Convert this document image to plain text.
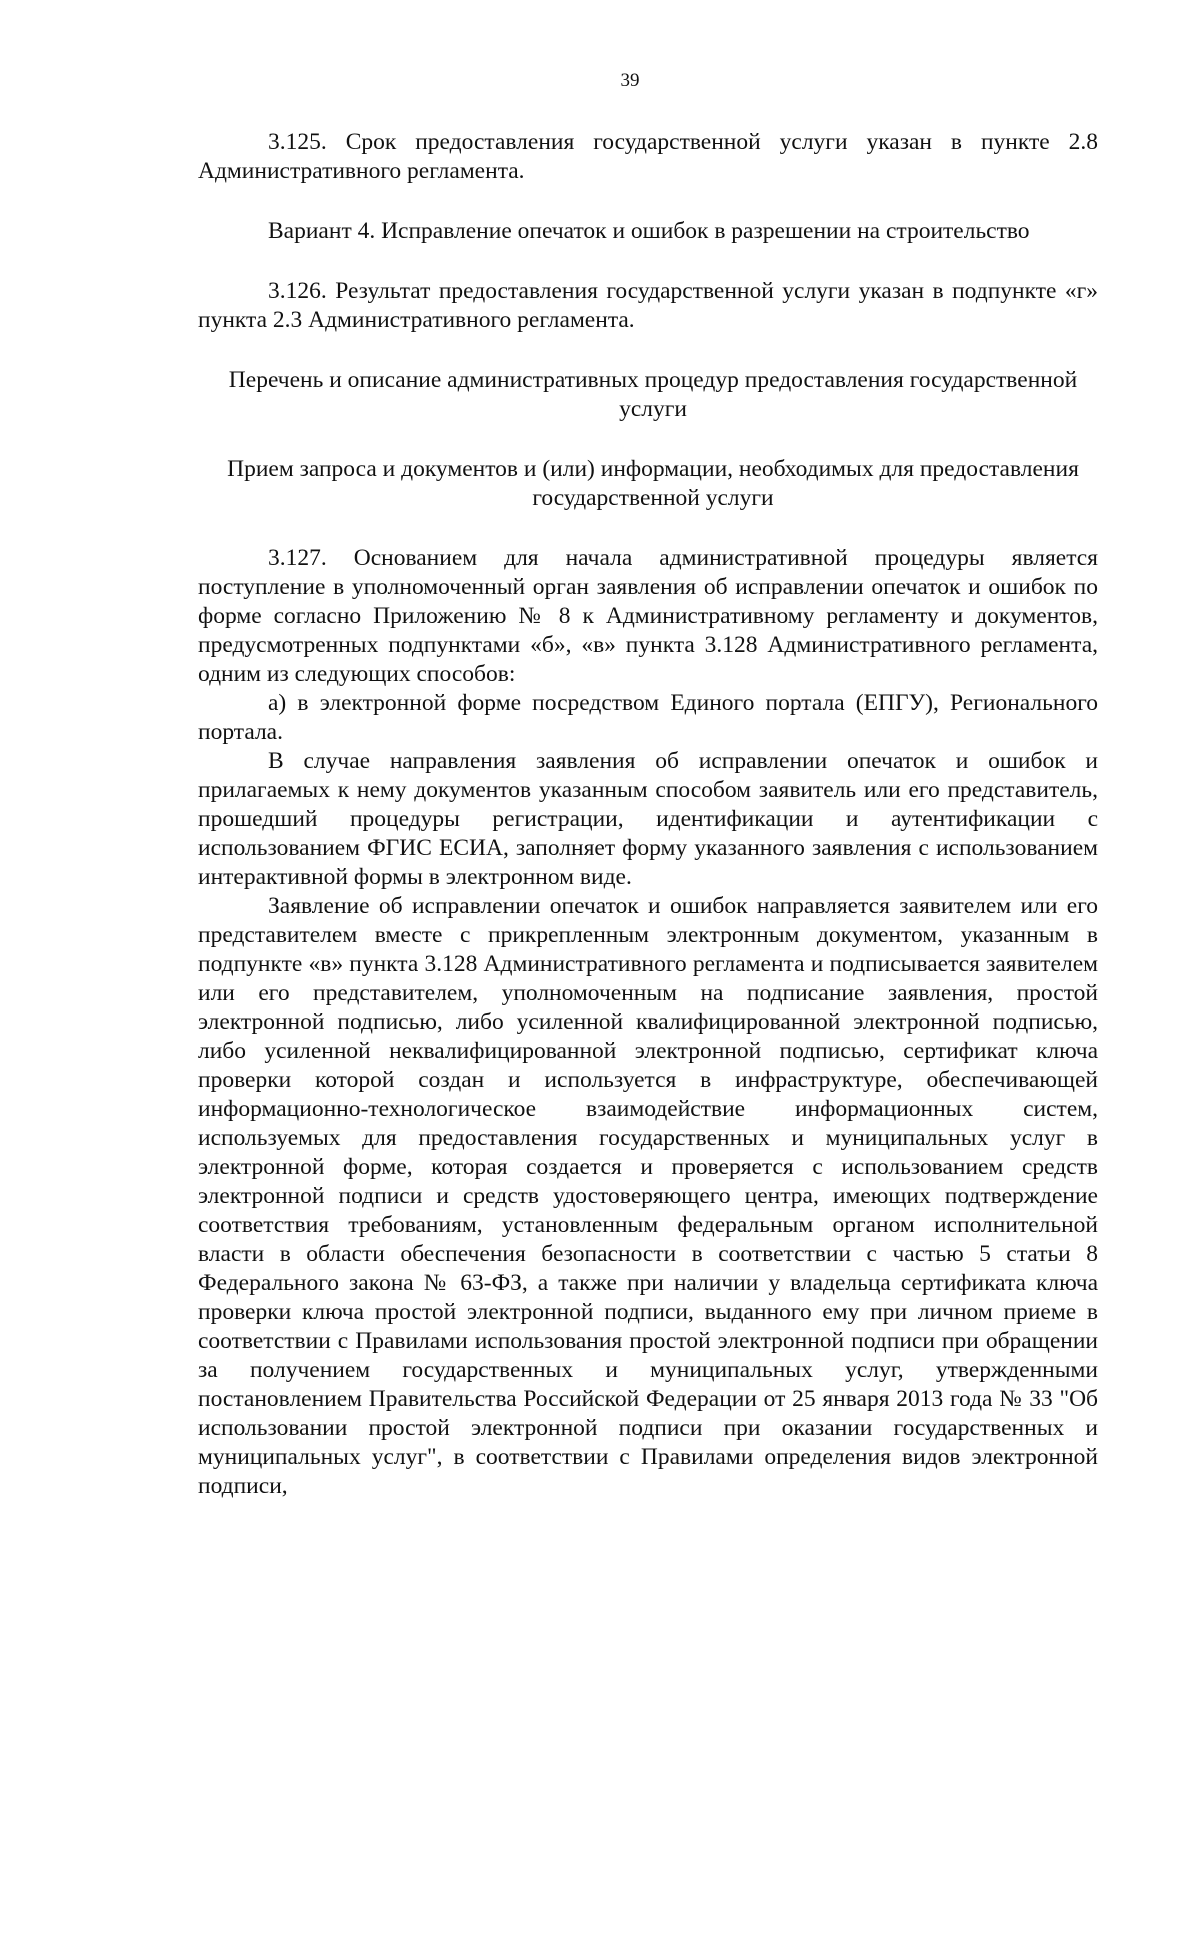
39

3.125. Срок предоставления государственной услуги указан в пункте 2.8 Административного регламента.

Вариант 4. Исправление опечаток и ошибок в разрешении на строительство

3.126. Результат предоставления государственной услуги указан в подпункте «г» пункта 2.3 Административного регламента.

Перечень и описание административных процедур предоставления государственной услуги

Прием запроса и документов и (или) информации, необходимых для предоставления государственной услуги

3.127. Основанием для начала административной процедуры является поступление в уполномоченный орган заявления об исправлении опечаток и ошибок по форме согласно Приложению № 8 к Административному регламенту и документов, предусмотренных подпунктами «б», «в» пункта 3.128 Административного регламента, одним из следующих способов:

а) в электронной форме посредством Единого портала (ЕПГУ), Регионального портала.

В случае направления заявления об исправлении опечаток и ошибок и прилагаемых к нему документов указанным способом заявитель или его представитель, прошедший процедуры регистрации, идентификации и аутентификации с использованием ФГИС ЕСИА, заполняет форму указанного заявления с использованием интерактивной формы в электронном виде.

Заявление об исправлении опечаток и ошибок направляется заявителем или его представителем вместе с прикрепленным электронным документом, указанным в подпункте «в» пункта 3.128 Административного регламента и подписывается заявителем или его представителем, уполномоченным на подписание заявления, простой электронной подписью, либо усиленной квалифицированной электронной подписью, либо усиленной неквалифицированной электронной подписью, сертификат ключа проверки которой создан и используется в инфраструктуре, обеспечивающей информационно-технологическое взаимодействие информационных систем, используемых для предоставления государственных и муниципальных услуг в электронной форме, которая создается и проверяется с использованием средств электронной подписи и средств удостоверяющего центра, имеющих подтверждение соответствия требованиям, установленным федеральным органом исполнительной власти в области обеспечения безопасности в соответствии с частью 5 статьи 8 Федерального закона № 63-ФЗ, а также при наличии у владельца сертификата ключа проверки ключа простой электронной подписи, выданного ему при личном приеме в соответствии с Правилами использования простой электронной подписи при обращении за получением государственных и муниципальных услуг, утвержденными постановлением Правительства Российской Федерации от 25 января 2013 года № 33 "Об использовании простой электронной подписи при оказании государственных и муниципальных услуг", в соответствии с Правилами определения видов электронной подписи,
